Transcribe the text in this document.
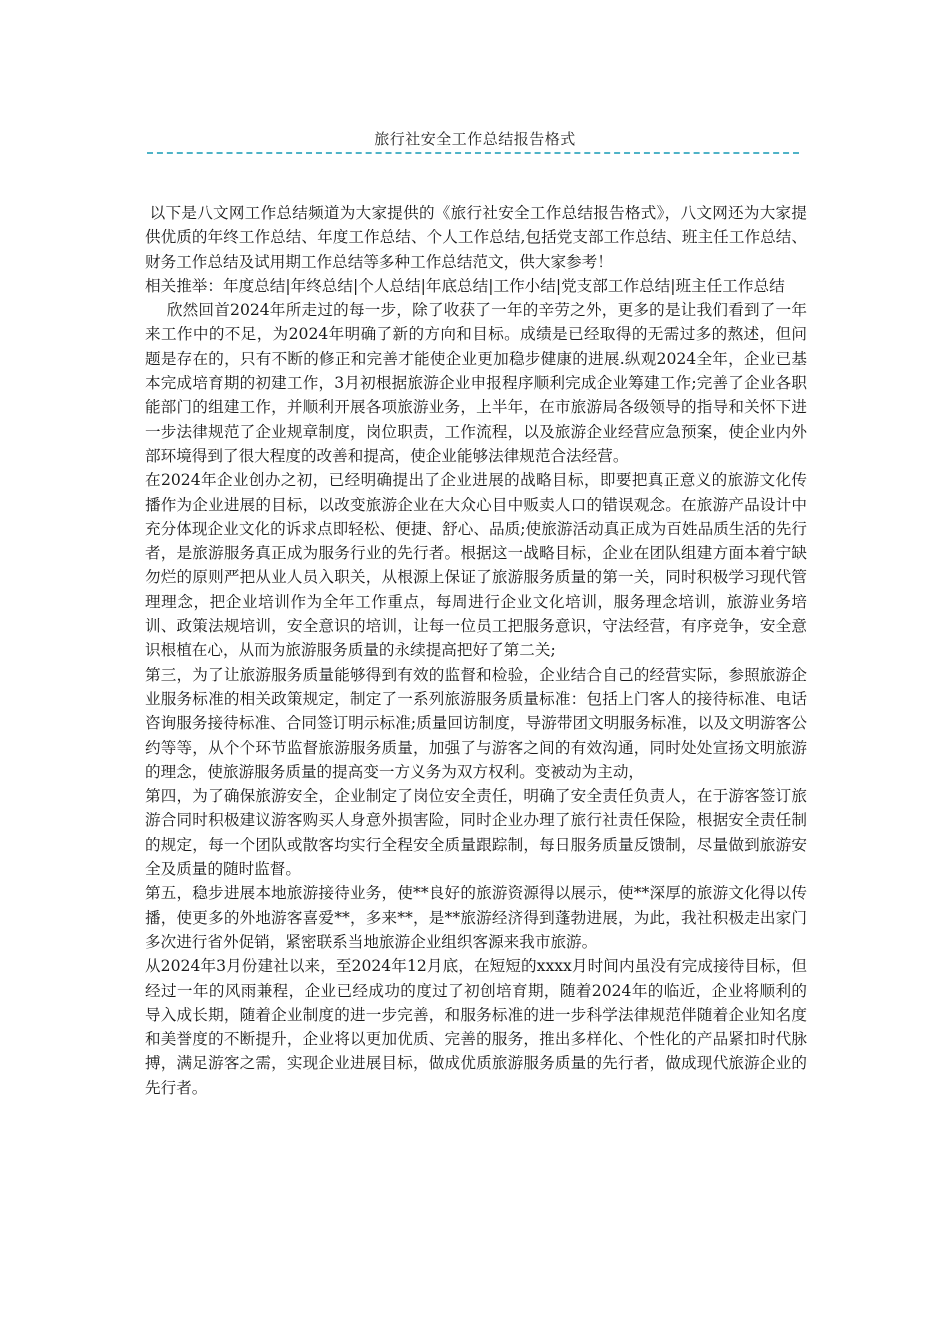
旅行社安全工作总结报告格式

以下是八文网工作总结频道为大家提供的《旅行社安全工作总结报告格式》，八文网还为大家提供优质的年终工作总结、年度工作总结、个人工作总结,包括党支部工作总结、班主任工作总结、财务工作总结及试用期工作总结等多种工作总结范文，供大家参考！

相关推举：年度总结|年终总结|个人总结|年底总结|工作小结|党支部工作总结|班主任工作总结

欣然回首2024年所走过的每一步，除了收获了一年的辛劳之外，更多的是让我们看到了一年来工作中的不足，为2024年明确了新的方向和目标。成绩是已经取得的无需过多的熬述，但问题是存在的，只有不断的修正和完善才能使企业更加稳步健康的进展.纵观2024全年，企业已基本完成培育期的初建工作，3月初根据旅游企业申报程序顺利完成企业筹建工作;完善了企业各职能部门的组建工作，并顺利开展各项旅游业务，上半年，在市旅游局各级领导的指导和关怀下进一步法律规范了企业规章制度，岗位职责，工作流程，以及旅游企业经营应急预案，使企业内外部环境得到了很大程度的改善和提高，使企业能够法律规范合法经营。

在2024年企业创办之初，已经明确提出了企业进展的战略目标，即要把真正意义的旅游文化传播作为企业进展的目标，以改变旅游企业在大众心目中贩卖人口的错误观念。在旅游产品设计中充分体现企业文化的诉求点即轻松、便捷、舒心、品质;使旅游活动真正成为百姓品质生活的先行者，是旅游服务真正成为服务行业的先行者。根据这一战略目标，企业在团队组建方面本着宁缺勿烂的原则严把从业人员入职关，从根源上保证了旅游服务质量的第一关，同时积极学习现代管理理念，把企业培训作为全年工作重点，每周进行企业文化培训，服务理念培训，旅游业务培训、政策法规培训，安全意识的培训，让每一位员工把服务意识，守法经营，有序竞争，安全意识根植在心，从而为旅游服务质量的永续提高把好了第二关;

第三，为了让旅游服务质量能够得到有效的监督和检验，企业结合自己的经营实际，参照旅游企业服务标准的相关政策规定，制定了一系列旅游服务质量标准：包括上门客人的接待标准、电话咨询服务接待标准、合同签订明示标准;质量回访制度，导游带团文明服务标准，以及文明游客公约等等，从个个环节监督旅游服务质量，加强了与游客之间的有效沟通，同时处处宣扬文明旅游的理念，使旅游服务质量的提高变一方义务为双方权利。变被动为主动，

第四，为了确保旅游安全，企业制定了岗位安全责任，明确了安全责任负责人，在于游客签订旅游合同时积极建议游客购买人身意外损害险，同时企业办理了旅行社责任保险，根据安全责任制的规定，每一个团队或散客均实行全程安全质量跟踪制，每日服务质量反馈制，尽量做到旅游安全及质量的随时监督。

第五，稳步进展本地旅游接待业务，使**良好的旅游资源得以展示，使**深厚的旅游文化得以传播，使更多的外地游客喜爱**，多来**，是**旅游经济得到蓬勃进展，为此，我社积极走出家门多次进行省外促销，紧密联系当地旅游企业组织客源来我市旅游。

从2024年3月份建社以来，至2024年12月底，在短短的xxxx月时间内虽没有完成接待目标，但经过一年的风雨兼程，企业已经成功的度过了初创培育期，随着2024年的临近，企业将顺利的导入成长期，随着企业制度的进一步完善，和服务标准的进一步科学法律规范伴随着企业知名度和美誉度的不断提升，企业将以更加优质、完善的服务，推出多样化、个性化的产品紧扣时代脉搏，满足游客之需，实现企业进展目标，做成优质旅游服务质量的先行者，做成现代旅游企业的先行者。
